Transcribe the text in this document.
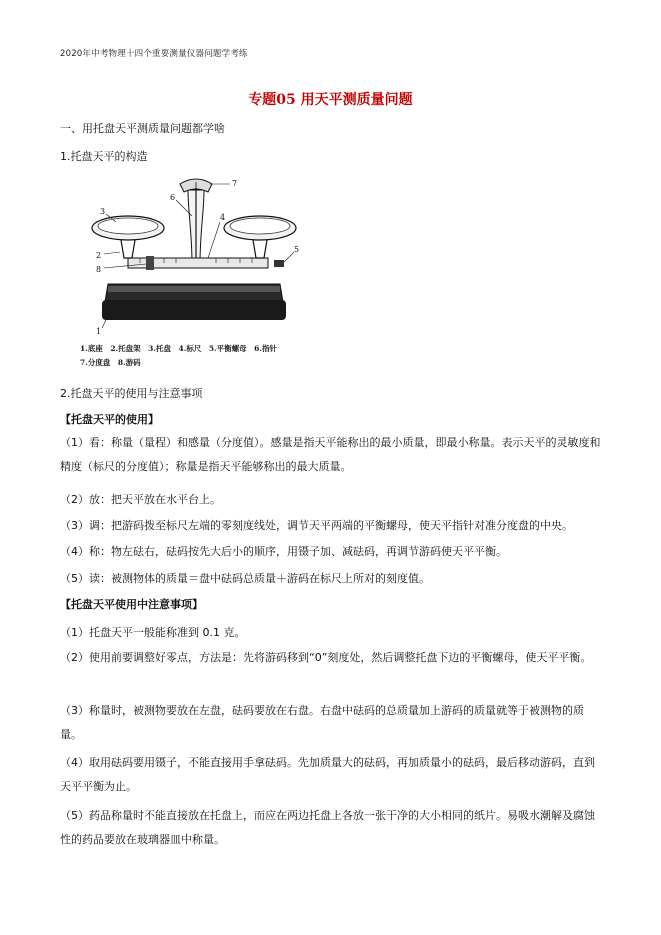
2020年中考物理十四个重要测量仪器问题学考练
专题05 用天平测质量问题
一、用托盘天平测质量问题都学啥
1.托盘天平的构造
1
2
3
4
5
6
7
8
1.底座　2.托盘架　3.托盘　4.标尺　5.平衡螺母　6.指针
7.分度盘　8.游码
2.托盘天平的使用与注意事项
【托盘天平的使用】
（1）看：称量（量程）和感量（分度值）。感量是指天平能称出的最小质量，即最小称量。表示天平的灵敏度和精度（标尺的分度值）；称量是指天平能够称出的最大质量。
（2）放：把天平放在水平台上。
（3）调：把游码拨至标尺左端的零刻度线处，调节天平两端的平衡螺母，使天平指针对准分度盘的中央。
（4）称：物左砝右，砝码按先大后小的顺序，用镊子加、减砝码，再调节游码使天平平衡。
（5）读：被测物体的质量＝盘中砝码总质量＋游码在标尺上所对的刻度值。
【托盘天平使用中注意事项】
（1）托盘天平一般能称准到 0.1 克。
（2）使用前要调整好零点，方法是：先将游码移到“0”刻度处，然后调整托盘下边的平衡螺母，使天平平衡。
（3）称量时，被测物要放在左盘，砝码要放在右盘。右盘中砝码的总质量加上游码的质量就等于被测物的质量。
（4）取用砝码要用镊子，不能直接用手拿砝码。先加质量大的砝码，再加质量小的砝码，最后移动游码，直到天平平衡为止。
（5）药品称量时不能直接放在托盘上，而应在两边托盘上各放一张干净的大小相同的纸片。易吸水潮解及腐蚀性的药品要放在玻璃器皿中称量。
